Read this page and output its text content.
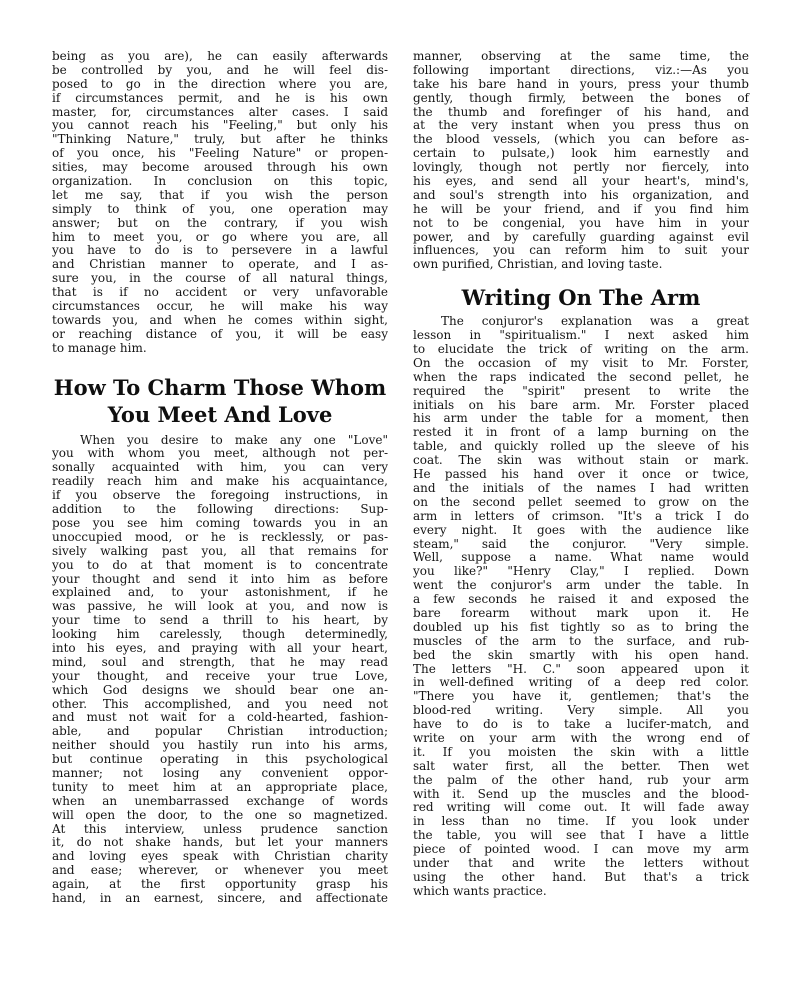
being as you are), he can easily afterwards
be controlled by you, and he will feel dis-
posed to go in the direction where you are,
if circumstances permit, and he is his own
master, for, circumstances alter cases. I said
you cannot reach his "Feeling," but only his
"Thinking Nature," truly, but after he thinks
of you once, his "Feeling Nature" or propen-
sities, may become aroused through his own
organization. In conclusion on this topic,
let me say, that if you wish the person
simply to think of you, one operation may
answer; but on the contrary, if you wish
him to meet you, or go where you are, all
you have to do is to persevere in a lawful
and Christian manner to operate, and I as-
sure you, in the course of all natural things,
that is if no accident or very unfavorable
circumstances occur, he will make his way
towards you, and when he comes within sight,
or reaching distance of you, it will be easy
to manage him.
How To Charm Those Whom
You Meet And Love
When you desire to make any one "Love"
you with whom you meet, although not per-
sonally acquainted with him, you can very
readily reach him and make his acquaintance,
if you observe the foregoing instructions, in
addition to the following directions: Sup-
pose you see him coming towards you in an
unoccupied mood, or he is recklessly, or pas-
sively walking past you, all that remains for
you to do at that moment is to concentrate
your thought and send it into him as before
explained and, to your astonishment, if he
was passive, he will look at you, and now is
your time to send a thrill to his heart, by
looking him carelessly, though determinedly,
into his eyes, and praying with all your heart,
mind, soul and strength, that he may read
your thought, and receive your true Love,
which God designs we should bear one an-
other. This accomplished, and you need not
and must not wait for a cold-hearted, fashion-
able, and popular Christian introduction;
neither should you hastily run into his arms,
but continue operating in this psychological
manner; not losing any convenient oppor-
tunity to meet him at an appropriate place,
when an unembarrassed exchange of words
will open the door, to the one so magnetized.
At this interview, unless prudence sanction
it, do not shake hands, but let your manners
and loving eyes speak with Christian charity
and ease; wherever, or whenever you meet
again, at the first opportunity grasp his
hand, in an earnest, sincere, and affectionate
manner, observing at the same time, the
following important directions, viz.:—As you
take his bare hand in yours, press your thumb
gently, though firmly, between the bones of
the thumb and forefinger of his hand, and
at the very instant when you press thus on
the blood vessels, (which you can before as-
certain to pulsate,) look him earnestly and
lovingly, though not pertly nor fiercely, into
his eyes, and send all your heart's, mind's,
and soul's strength into his organization, and
he will be your friend, and if you find him
not to be congenial, you have him in your
power, and by carefully guarding against evil
influences, you can reform him to suit your
own purified, Christian, and loving taste.
Writing On The Arm
The conjuror's explanation was a great
lesson in "spiritualism." I next asked him
to elucidate the trick of writing on the arm.
On the occasion of my visit to Mr. Forster,
when the raps indicated the second pellet, he
required the "spirit" present to write the
initials on his bare arm. Mr. Forster placed
his arm under the table for a moment, then
rested it in front of a lamp burning on the
table, and quickly rolled up the sleeve of his
coat. The skin was without stain or mark.
He passed his hand over it once or twice,
and the initials of the names I had written
on the second pellet seemed to grow on the
arm in letters of crimson. "It's a trick I do
every night. It goes with the audience like
steam," said the conjuror. "Very simple.
Well, suppose a name. What name would
you like?" "Henry Clay," I replied. Down
went the conjuror's arm under the table. In
a few seconds he raised it and exposed the
bare forearm without mark upon it. He
doubled up his fist tightly so as to bring the
muscles of the arm to the surface, and rub-
bed the skin smartly with his open hand.
The letters "H. C." soon appeared upon it
in well-defined writing of a deep red color.
"There you have it, gentlemen; that's the
blood-red writing. Very simple. All you
have to do is to take a lucifer-match, and
write on your arm with the wrong end of
it. If you moisten the skin with a little
salt water first, all the better. Then wet
the palm of the other hand, rub your arm
with it. Send up the muscles and the blood-
red writing will come out. It will fade away
in less than no time. If you look under
the table, you will see that I have a little
piece of pointed wood. I can move my arm
under that and write the letters without
using the other hand. But that's a trick
which wants practice.
